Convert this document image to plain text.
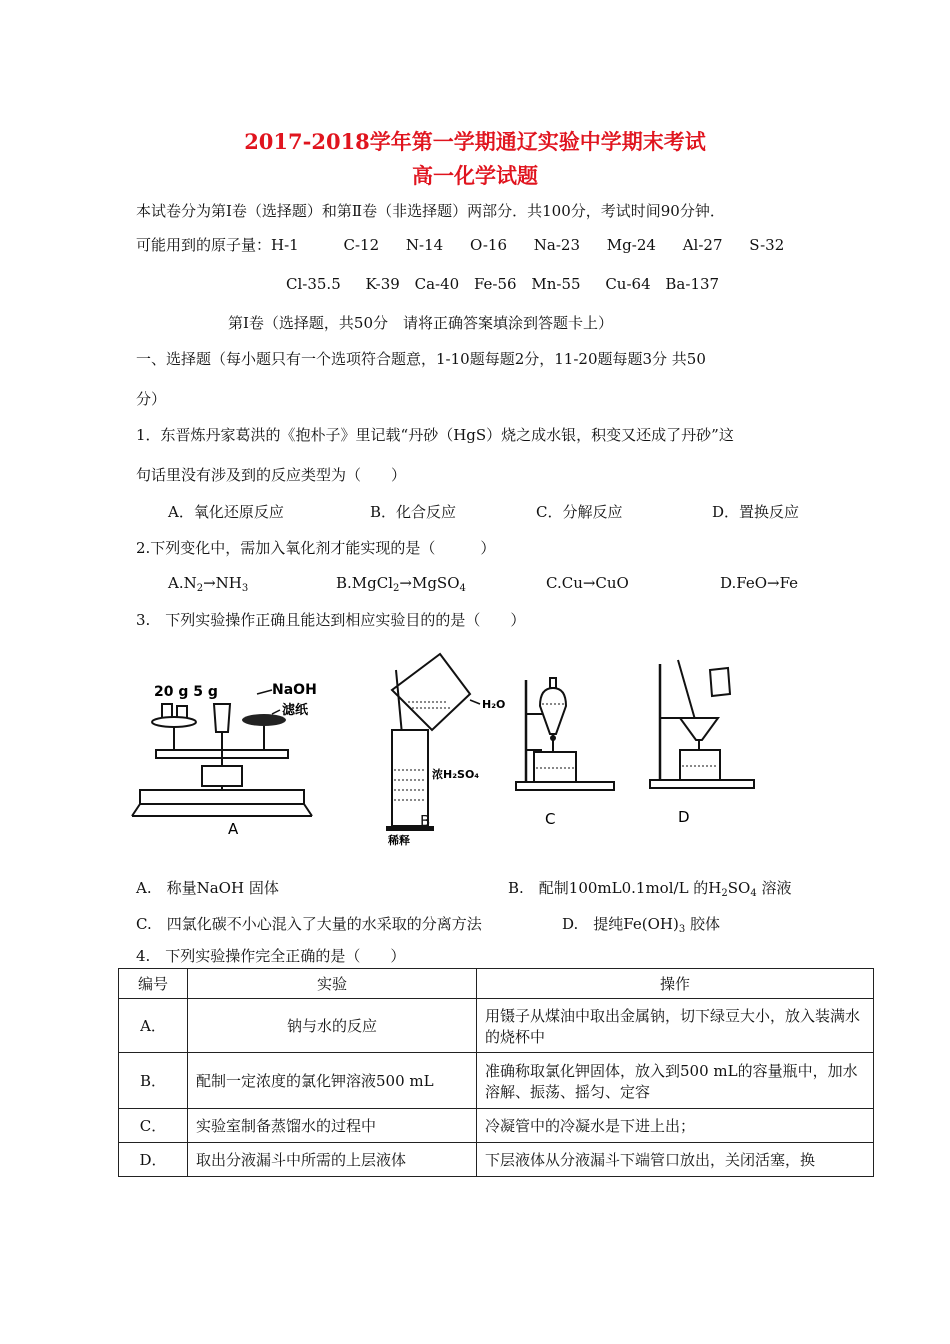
2017-2018学年第一学期通辽实验中学期末考试
高一化学试题
本试卷分为第Ⅰ卷（选择题）和第Ⅱ卷（非选择题）两部分．共100分，考试时间90分钟．
可能用到的原子量：H-1	C-12 N-14 O-16 Na-23 Mg-24 Al-27 S-32
Cl-35.5 K-39 Ca-40 Fe-56 Mn-55 Cu-64 Ba-137
第Ⅰ卷（选择题，共50分　请将正确答案填涂到答题卡上）
一、选择题（每小题只有一个选项符合题意，1-10题每题2分，11-20题每题3分 共50
分）
1．东晋炼丹家葛洪的《抱朴子》里记载“丹砂（HgS）烧之成水银，积变又还成了丹砂”这
句话里没有涉及到的反应类型为（　　）
A．氧化还原反应	B．化合反应	C．分解反应	D．置换反应
2.下列变化中，需加入氧化剂才能实现的是（　　　）
$A.N_2\to NH_3$	B.MgCl$_2$→MgSO$_4$	C.Cu→CuO	D.FeO→Fe
3.　下列实验操作正确且能达到相应实验目的的是（　　）
20 g 5 g	NaOH
滤纸
A
H₂O
浓H₂SO₄
稀释
B	C	D
A.　称量NaOH 固体	B.　配制100mL0.1mol/L 的$H_2SO_4$ 溶液
C.　四氯化碳不小心混入了大量的水采取的分离方法	D.　提纯$Fe(OH)_3$ 胶体
4.　下列实验操作完全正确的是（　　）
编号	实验	操作
A．	钠与水的反应	用镊子从煤油中取出金属钠，切下绿豆大小，放入装满水的烧杯中
B．	配制一定浓度的氯化钾溶液500 mL	准确称取氯化钾固体，放入到500 mL的容量瓶中，加水溶解、振荡、摇匀、定容
C．	实验室制备蒸馏水的过程中	冷凝管中的冷凝水是下进上出；
D．	取出分液漏斗中所需的上层液体	下层液体从分液漏斗下端管口放出，关闭活塞，换
